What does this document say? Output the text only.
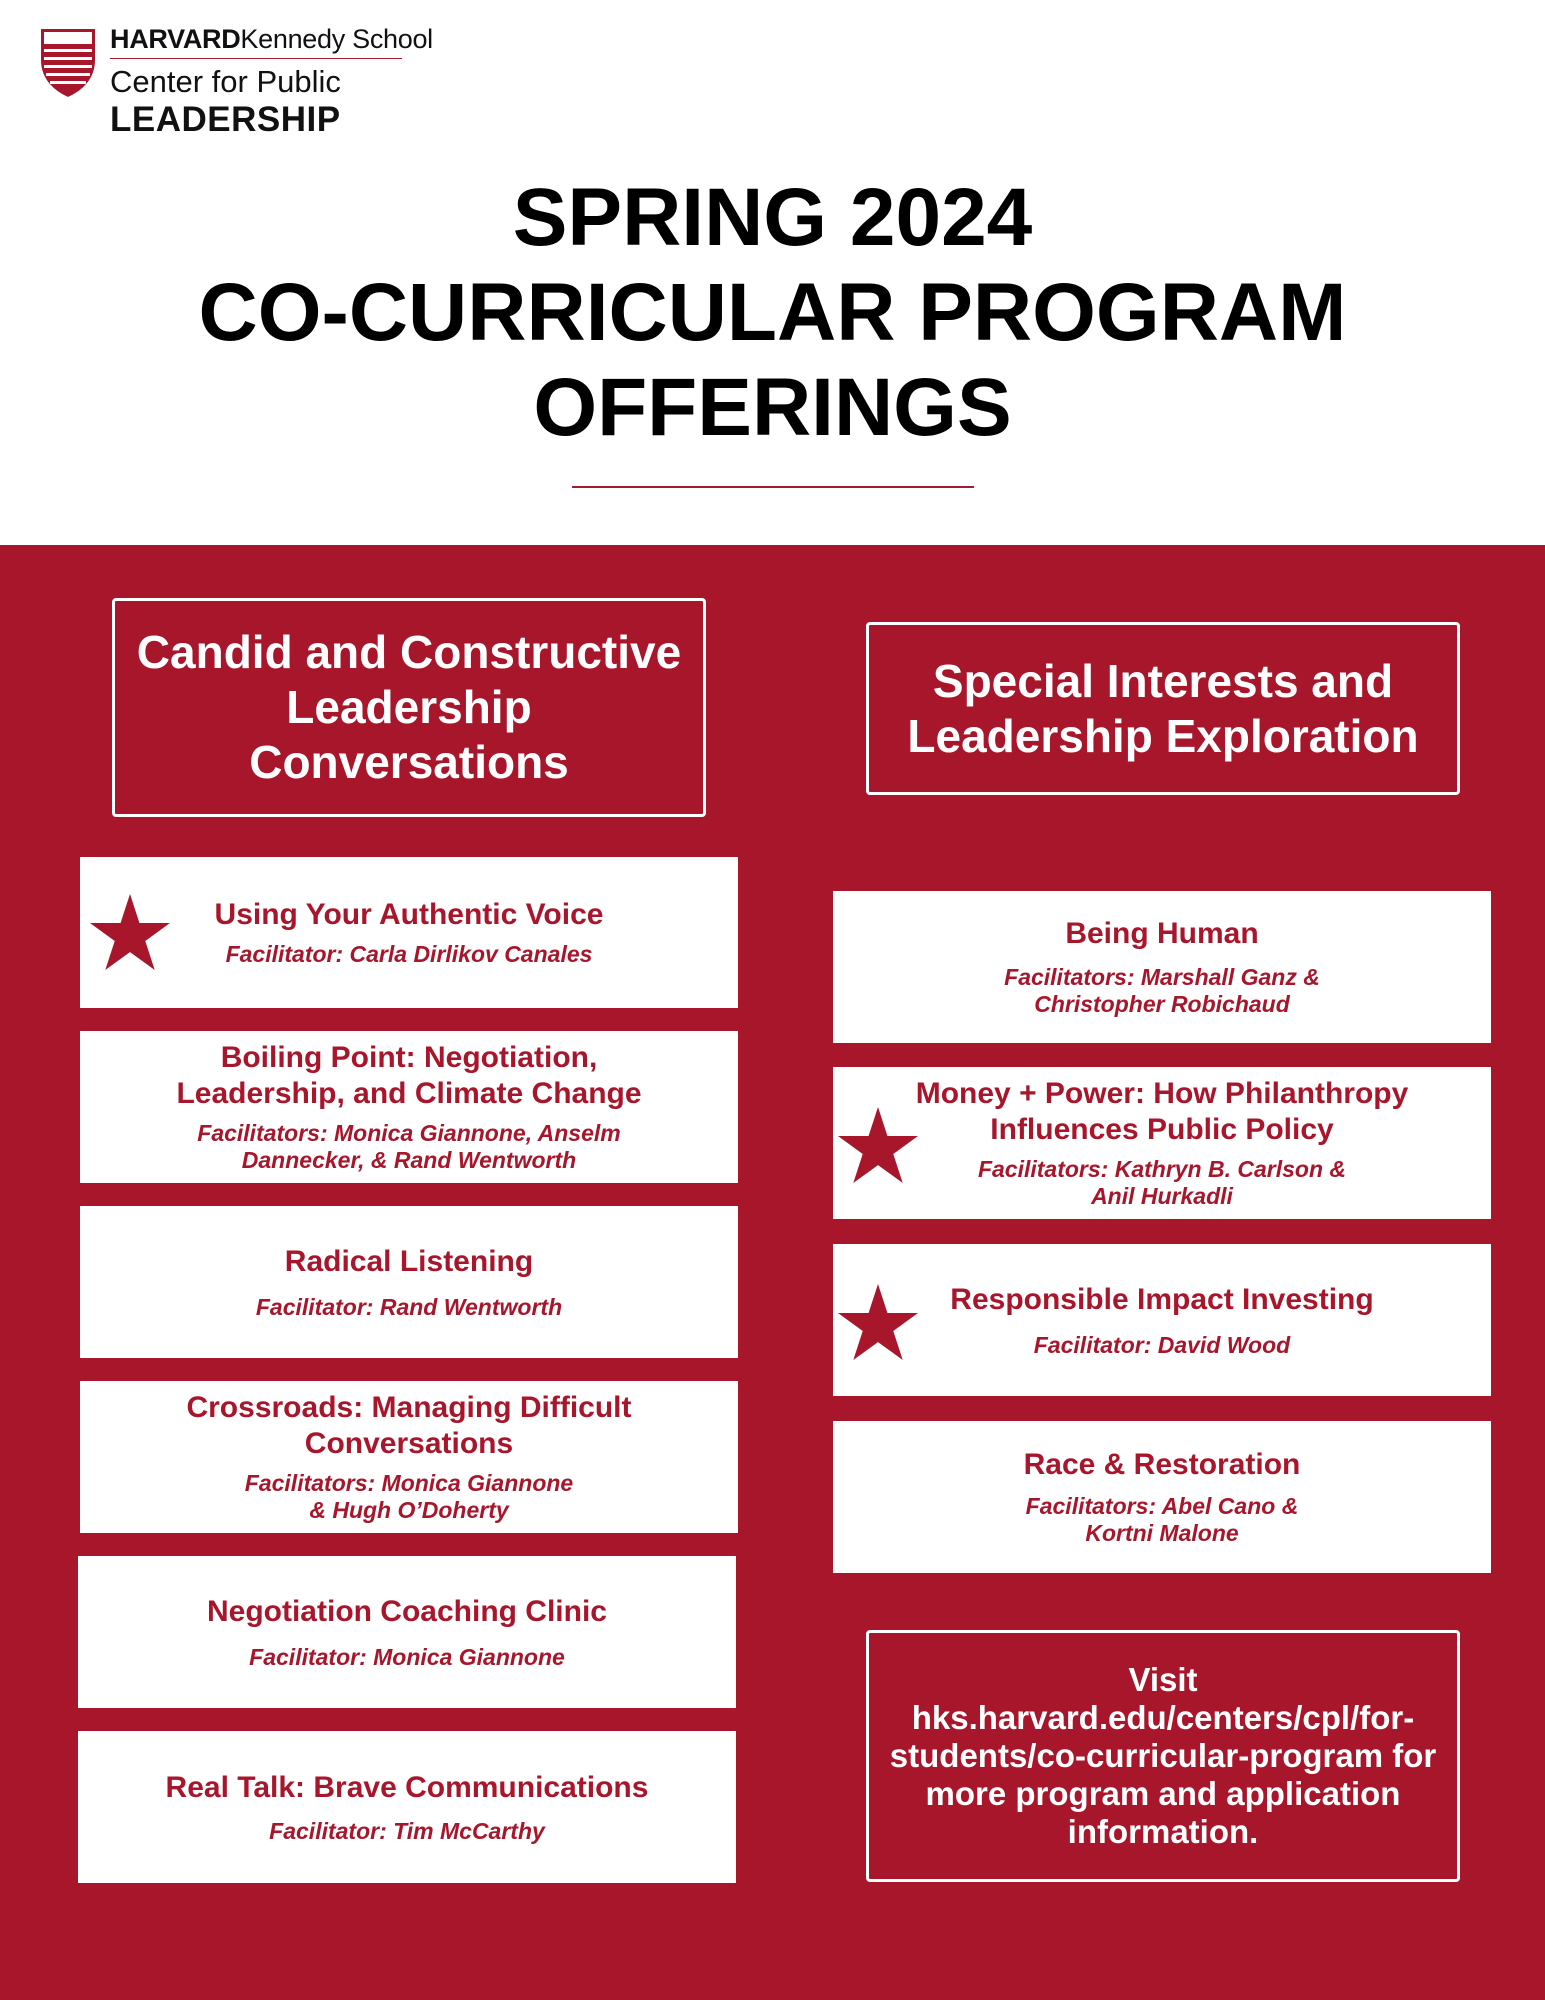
HARVARDKennedy School
Center for Public
LEADERSHIP
SPRING 2024
CO-CURRICULAR PROGRAM
OFFERINGS
Candid and Constructive
Leadership
Conversations
Special Interests and
Leadership Exploration
Using Your Authentic Voice
Facilitator: Carla Dirlikov Canales
Boiling Point: Negotiation,
Leadership, and Climate Change
Facilitators: Monica Giannone, Anselm
Dannecker, & Rand Wentworth
Radical Listening
Facilitator: Rand Wentworth
Crossroads: Managing Difficult
Conversations
Facilitators: Monica Giannone
& Hugh O’Doherty
Negotiation Coaching Clinic
Facilitator: Monica Giannone
Real Talk: Brave Communications
Facilitator: Tim McCarthy
Being Human
Facilitators: Marshall Ganz &
Christopher Robichaud
Money + Power: How Philanthropy
Influences Public Policy
Facilitators: Kathryn B. Carlson &
Anil Hurkadli
Responsible Impact Investing
Facilitator: David Wood
Race & Restoration
Facilitators: Abel Cano &
Kortni Malone
Visit
hks.harvard.edu/centers/cpl/for-
students/co-curricular-program for
more program and application
information.
